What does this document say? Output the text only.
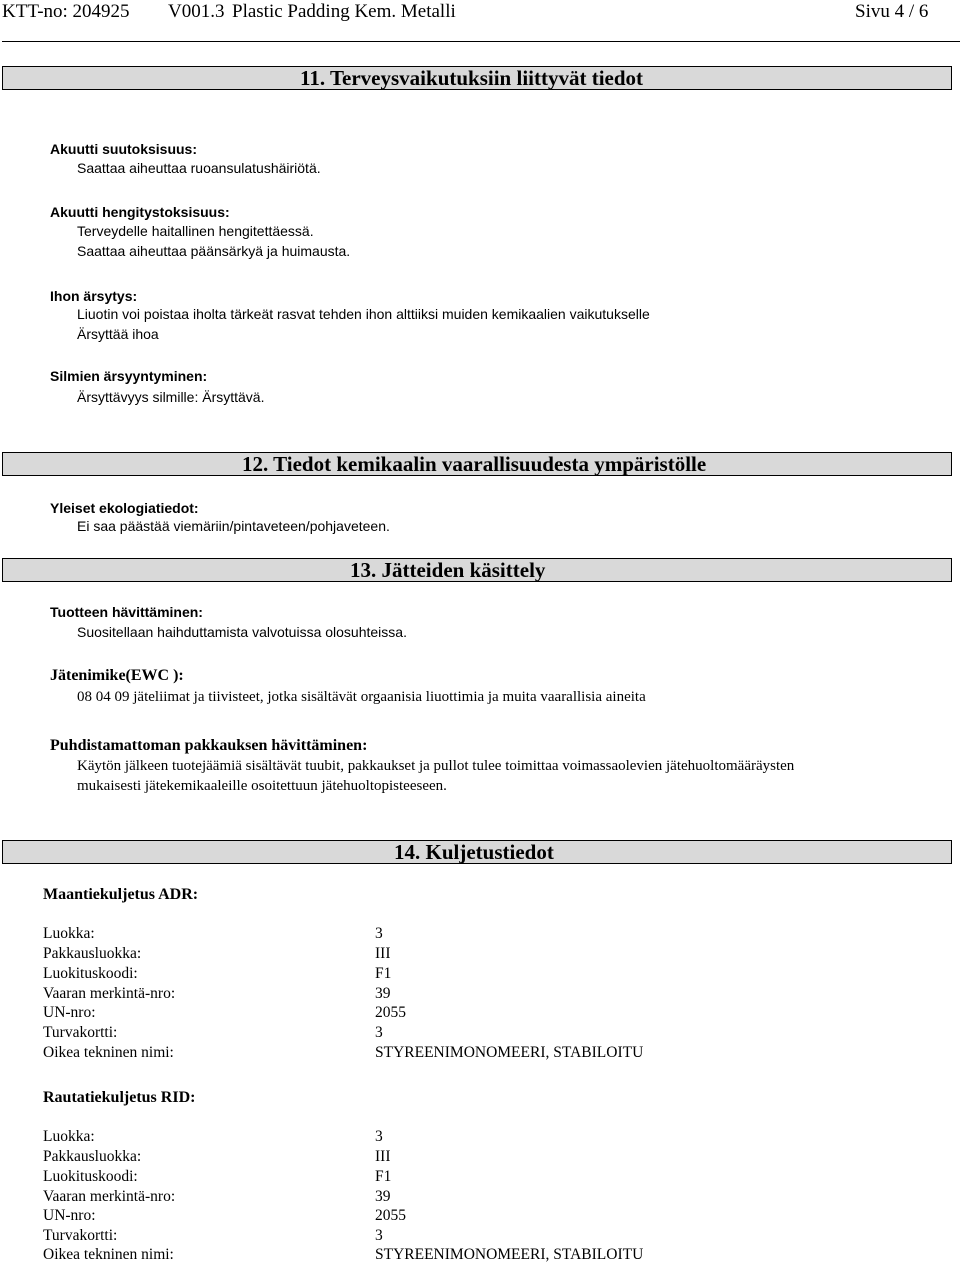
KTT-no: 204925 V001.3 Plastic Padding Kem. Metalli	Sivu 4 / 6
11. Terveysvaikutuksiin liittyvät tiedot
Akuutti suutoksisuus:
Saattaa aiheuttaa ruoansulatushäiriötä.
Akuutti hengitystoksisuus:
Terveydelle haitallinen hengitettäessä.
Saattaa aiheuttaa päänsärkyä ja huimausta.
Ihon ärsytys:
Liuotin voi poistaa iholta tärkeät rasvat tehden ihon alttiiksi muiden kemikaalien vaikutukselle
Ärsyttää ihoa
Silmien ärsyyntyminen:
Ärsyttävyys silmille: Ärsyttävä.
12. Tiedot kemikaalin vaarallisuudesta ympäristölle
Yleiset ekologiatiedot:
Ei saa päästää viemäriin/pintaveteen/pohjaveteen.
13. Jätteiden käsittely
Tuotteen hävittäminen:
Suositellaan haihduttamista valvotuissa olosuhteissa.
Jätenimike(EWC ):
08 04 09 jäteliimat ja tiivisteet, jotka sisältävät orgaanisia liuottimia ja muita vaarallisia aineita
Puhdistamattoman pakkauksen hävittäminen:
Käytön jälkeen tuotejäämiä sisältävät tuubit, pakkaukset ja pullot tulee toimittaa voimassaolevien jätehuoltomääräysten
mukaisesti jätekemikaaleille osoitettuun jätehuoltopisteeseen.
14. Kuljetustiedot
Maantiekuljetus ADR:
Luokka:	3
Pakkausluokka:	III
Luokituskoodi:	F1
Vaaran merkintä-nro:	39
UN-nro:	2055
Turvakortti:	3
Oikea tekninen nimi:	STYREENIMONOMEERI, STABILOITU
Rautatiekuljetus RID:
Luokka:	3
Pakkausluokka:	III
Luokituskoodi:	F1
Vaaran merkintä-nro:	39
UN-nro:	2055
Turvakortti:	3
Oikea tekninen nimi:	STYREENIMONOMEERI, STABILOITU
